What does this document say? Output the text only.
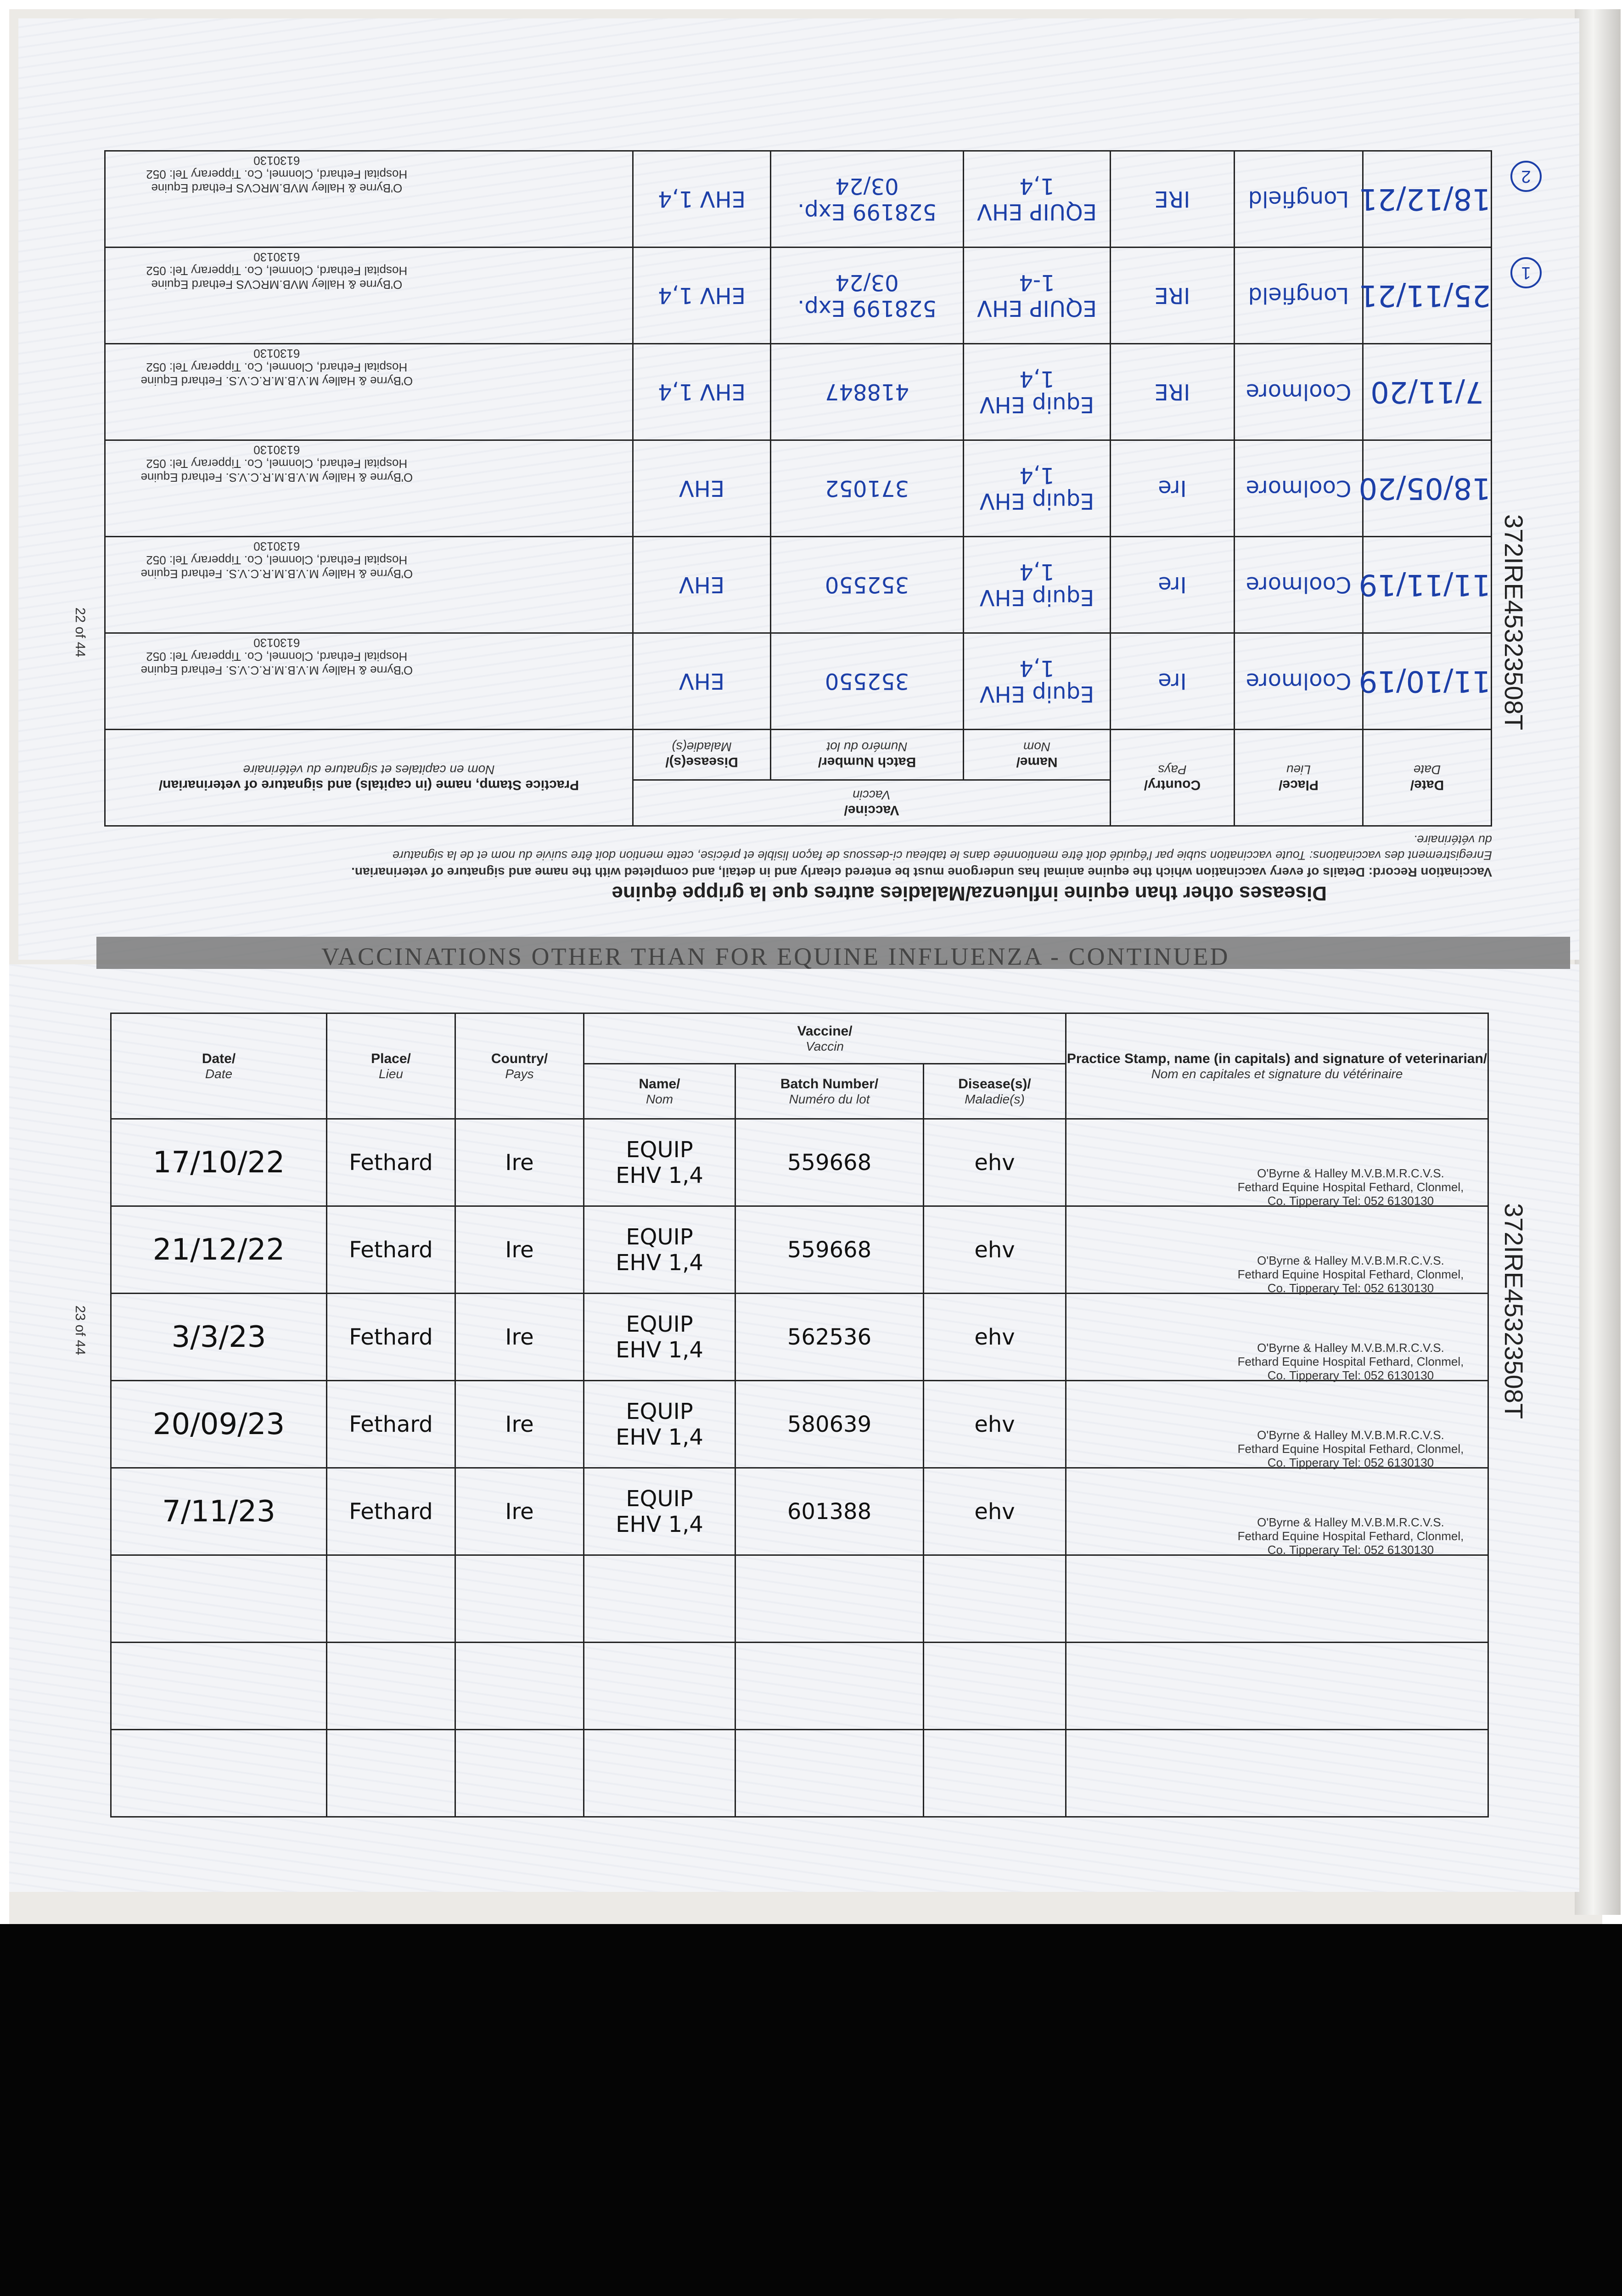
VACCINATIONS OTHER THAN FOR EQUINE INFLUENZA - CONTINUED
Diseases other than equine influenza/Maladies autres que la grippe équine
Vaccination Record: Details of every vaccination which the equine animal has undergone must be entered clearly and in detail, and completed with the name and signature of veterinarian.
Enregistrement des vaccinations: Toute vaccination subie par l'équidé doit être mentionnée dans le tableau ci-dessous de façon lisible et précise, cette mention doit être suivie du nom et de la signature
du vétérinaire.
Date/
Date	Place/
Lieu	Country/
Pays	Vaccine/
Vaccin			Practice Stamp, name (in capitals) and signature of veterinarian/
Nom en capitales et signature du vétérinaire

			Name/
Nom	Batch Number/
Numéro du lot	Disease(s)/
Maladie(s)	

11/10/19	Coolmore	Ire	Equip EHV 1,4	352550	EHV	O'Byrne & Halley M.V.B.M.R.C.V.S. Fethard Equine Hospital Fethard, Clonmel, Co. Tipperary Tel: 052 6130130

11/11/19	Coolmore	Ire	Equip EHV 1,4	352550	EHV	O'Byrne & Halley M.V.B.M.R.C.V.S. Fethard Equine Hospital Fethard, Clonmel, Co. Tipperary Tel: 052 6130130

18/05/20	Coolmore	Ire	Equip EHV 1,4	371052	EHV	O'Byrne & Halley M.V.B.M.R.C.V.S. Fethard Equine Hospital Fethard, Clonmel, Co. Tipperary Tel: 052 6130130

7/11/20	Coolmore	IRE	Equip EHV 1,4	418847	EHV 1,4	O'Byrne & Halley M.V.B.M.R.C.V.S. Fethard Equine Hospital Fethard, Clonmel, Co. Tipperary Tel: 052 6130130

25/11/21	Longfield	IRE	EQUIP EHV 1-4	528199 Exp. 03/24	EHV 1,4	O'Byrne & Halley MVB.MRCVS Fethard Equine Hospital Fethard, Clonmel, Co. Tipperary Tel: 052 6130130

18/12/21	Longfield	IRE	EQUIP EHV 1,4	528199 Exp. 03/24	EHV 1,4	O'Byrne & Halley MVB.MRCVS Fethard Equine Hospital Fethard, Clonmel, Co. Tipperary Tel: 052 6130130
22 of 44	372IRE45323508T
2
1
Date/
Date	Place/
Lieu	Country/
Pays	Vaccine/
Vaccin			Practice Stamp, name (in capitals) and signature of veterinarian/
Nom en capitales et signature du vétérinaire

			Name/
Nom	Batch Number/
Numéro du lot	Disease(s)/
Maladie(s)	

17/10/22	Fethard	Ire	EQUIP
EHV 1,4	559668	ehv	O'Byrne & Halley M.V.B.M.R.C.V.S. Fethard Equine Hospital Fethard, Clonmel, Co. Tipperary Tel: 052 6130130

21/12/22	Fethard	Ire	EQUIP
EHV 1,4	559668	ehv	O'Byrne & Halley M.V.B.M.R.C.V.S. Fethard Equine Hospital Fethard, Clonmel, Co. Tipperary Tel: 052 6130130

3/3/23	Fethard	Ire	EQUIP
EHV 1,4	562536	ehv	O'Byrne & Halley M.V.B.M.R.C.V.S. Fethard Equine Hospital Fethard, Clonmel, Co. Tipperary Tel: 052 6130130

20/09/23	Fethard	Ire	EQUIP
EHV 1,4	580639	ehv	O'Byrne & Halley M.V.B.M.R.C.V.S. Fethard Equine Hospital Fethard, Clonmel, Co. Tipperary Tel: 052 6130130

7/11/23	Fethard	Ire	EQUIP
EHV 1,4	601388	ehv	O'Byrne & Halley M.V.B.M.R.C.V.S. Fethard Equine Hospital Fethard, Clonmel, Co. Tipperary Tel: 052 6130130

23 of 44	372IRE45323508T
